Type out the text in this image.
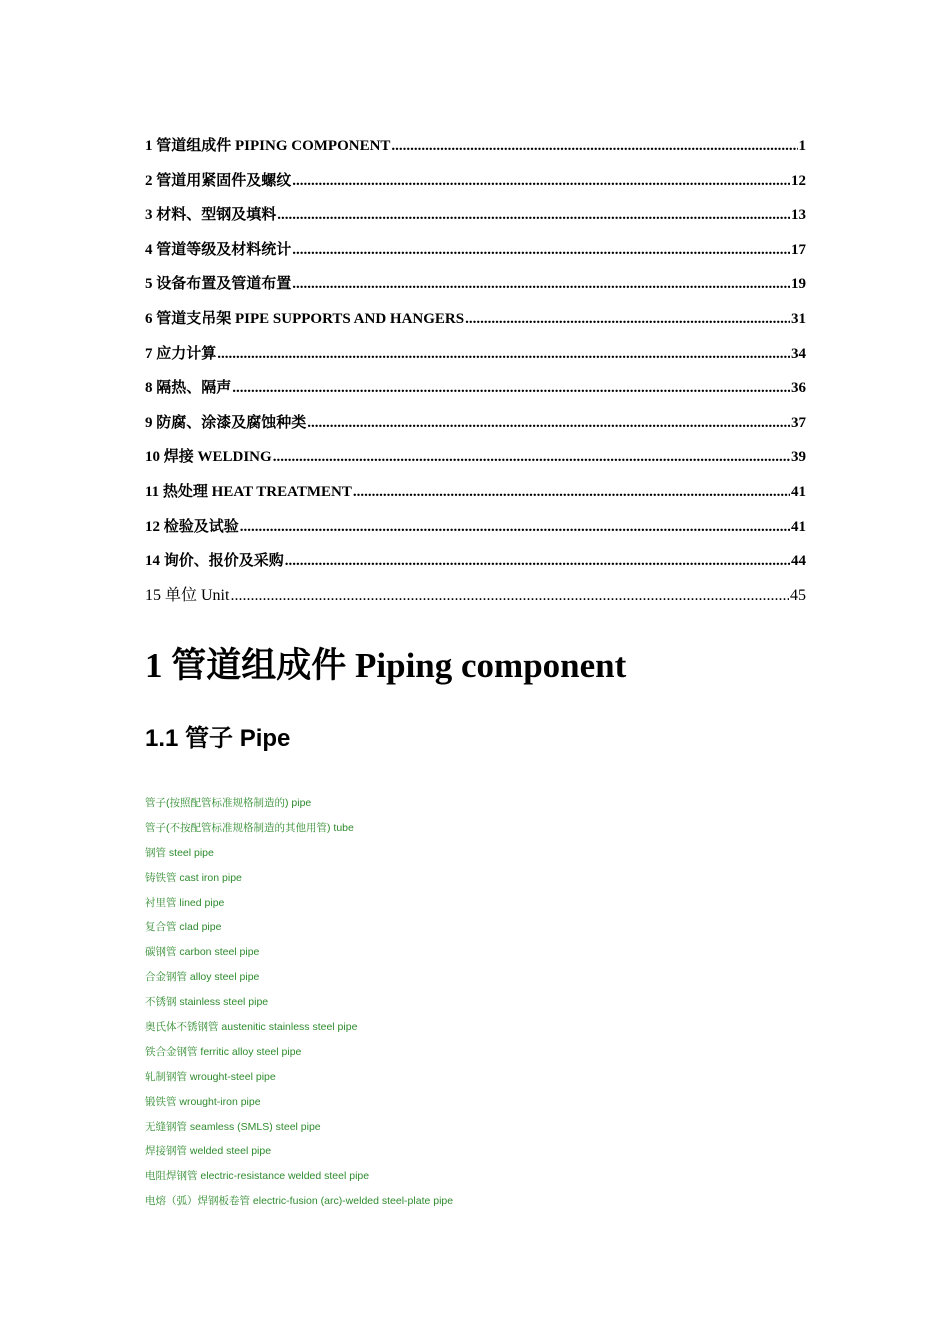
1 管道组成件 PIPING COMPONENT .....	1
2 管道用紧固件及螺纹 .....	12
3 材料、型钢及填料 .....	13
4 管道等级及材料统计 .....	17
5 设备布置及管道布置 .....	19
6 管道支吊架 PIPE SUPPORTS AND HANGERS .....	31
7 应力计算 .....	34
8 隔热、隔声 .....	36
9 防腐、涂漆及腐蚀种类 .....	37
10 焊接 WELDING .....	39
11 热处理 HEAT TREATMENT .....	41
12 检验及试验 .....	41
14 询价、报价及采购 .....	44
15 单位 Unit .....	45
1 管道组成件 Piping component
1.1 管子 Pipe
管子(按照配管标准规格制造的) pipe
管子(不按配管标准规格制造的其他用管) tube
钢管 steel pipe
铸铁管 cast iron pipe
衬里管 lined pipe
复合管 clad pipe
碳钢管 carbon steel pipe
合金钢管 alloy steel pipe
不锈钢 stainless steel pipe
奥氏体不锈钢管 austenitic stainless steel pipe
铁合金钢管 ferritic alloy steel pipe
轧制钢管 wrought-steel pipe
锻铁管 wrought-iron pipe
无缝钢管 seamless (SMLS) steel pipe
焊接钢管 welded steel pipe
电阻焊钢管 electric-resistance welded steel pipe
电熔（弧）焊钢板卷管 electric-fusion (arc)-welded steel-plate pipe
